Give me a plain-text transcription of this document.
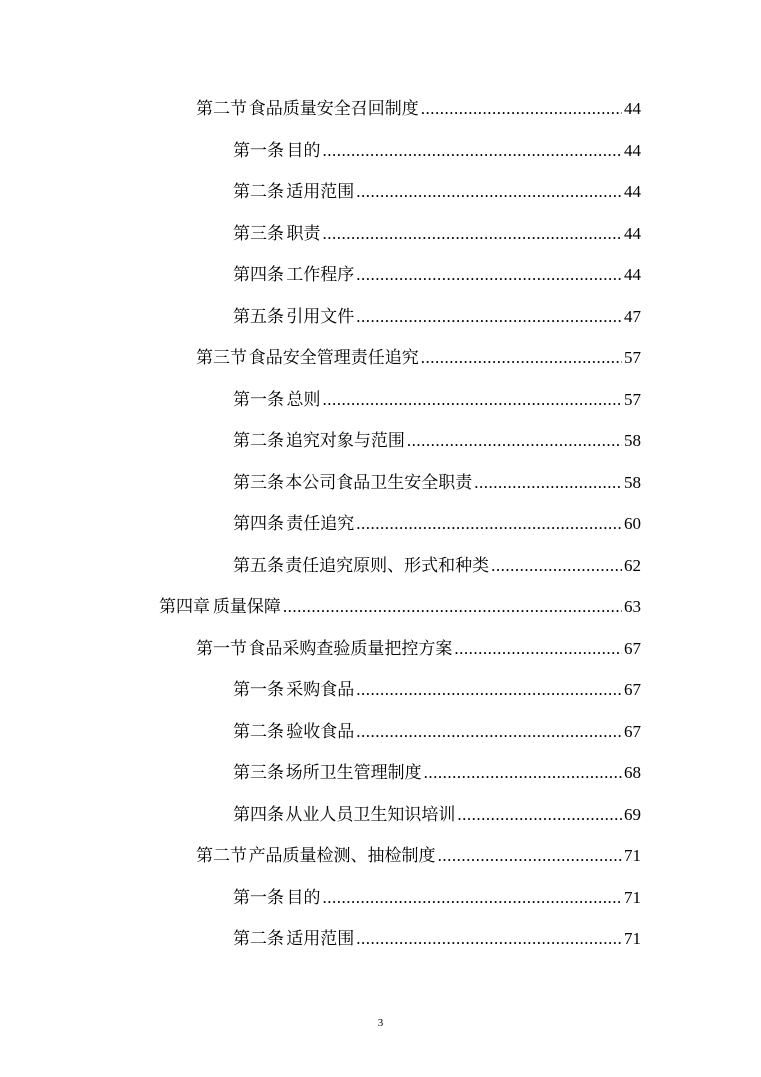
第二节 食品质量安全召回制度 .....	44
第一条 目的 .....	44
第二条 适用范围 .....	44
第三条 职责 .....	44
第四条 工作程序 .....	44
第五条 引用文件 .....	47
第三节 食品安全管理责任追究 .....	57
第一条 总则 .....	57
第二条 追究对象与范围 .....	58
第三条 本公司食品卫生安全职责 .....	58
第四条 责任追究 .....	60
第五条 责任追究原则、形式和种类 .....	62
第四章 质量保障 .....	63
第一节 食品采购查验质量把控方案 .....	67
第一条 采购食品 .....	67
第二条 验收食品 .....	67
第三条 场所卫生管理制度 .....	68
第四条 从业人员卫生知识培训 .....	69
第二节 产品质量检测、抽检制度 .....	71
第一条 目的 .....	71
第二条 适用范围 .....	71
3
